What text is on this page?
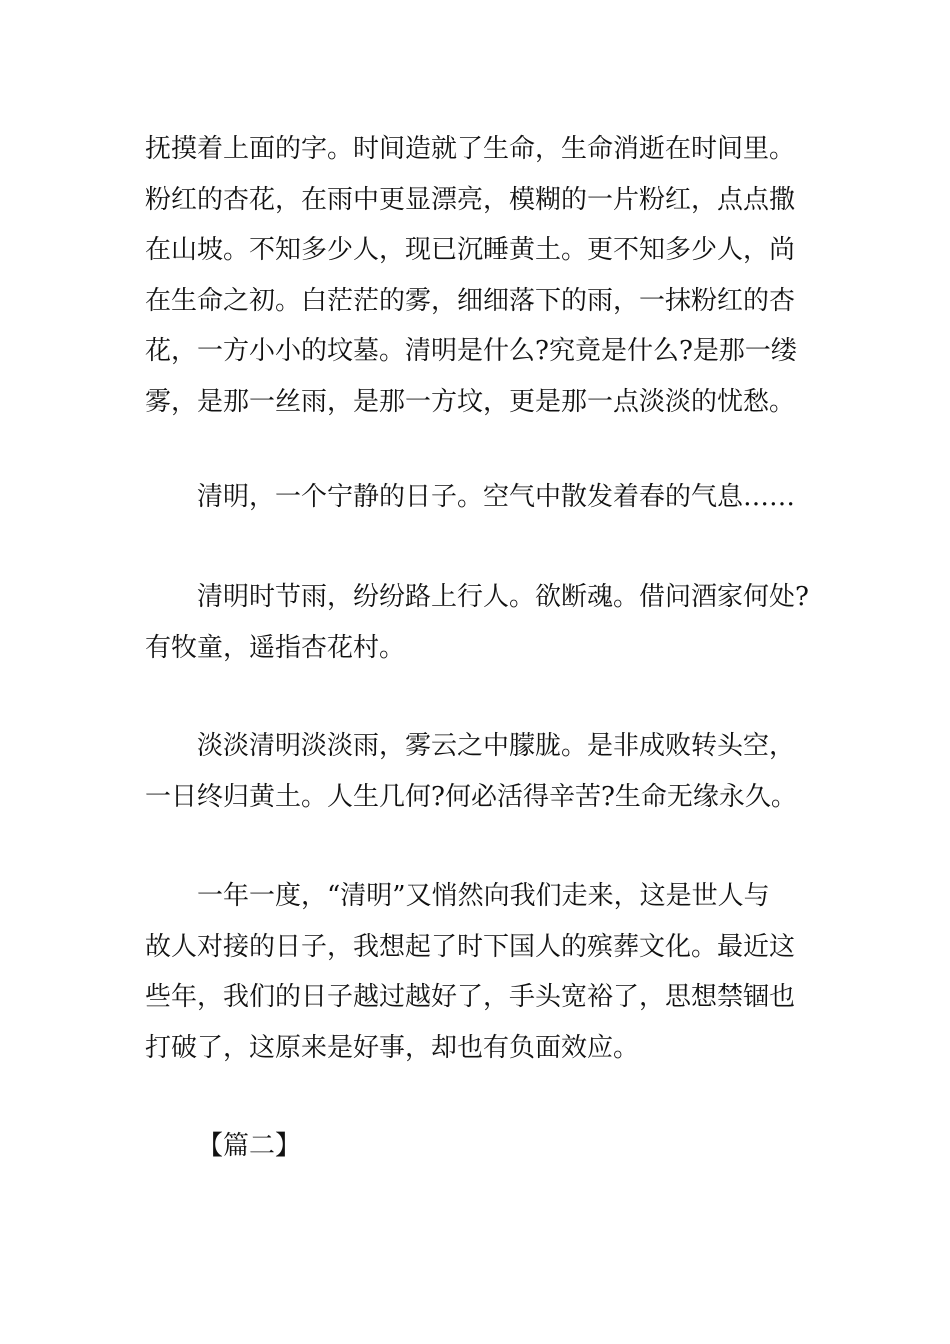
抚摸着上面的字。时间造就了生命，生命消逝在时间里。
粉红的杏花，在雨中更显漂亮，模糊的一片粉红，点点撒
在山坡。不知多少人，现已沉睡黄土。更不知多少人，尚
在生命之初。白茫茫的雾，细细落下的雨，一抹粉红的杏
花，一方小小的坟墓。清明是什么?究竟是什么?是那一缕
雾，是那一丝雨，是那一方坟，更是那一点淡淡的忧愁。
清明，一个宁静的日子。空气中散发着春的气息……
清明时节雨，纷纷路上行人。欲断魂。借问酒家何处?
有牧童，遥指杏花村。
淡淡清明淡淡雨，雾云之中朦胧。是非成败转头空，
一日终归黄土。人生几何?何必活得辛苦?生命无缘永久。
一年一度，“清明”又悄然向我们走来，这是世人与
故人对接的日子，我想起了时下国人的殡葬文化。最近这
些年，我们的日子越过越好了，手头宽裕了，思想禁锢也
打破了，这原来是好事，却也有负面效应。
【篇二】
